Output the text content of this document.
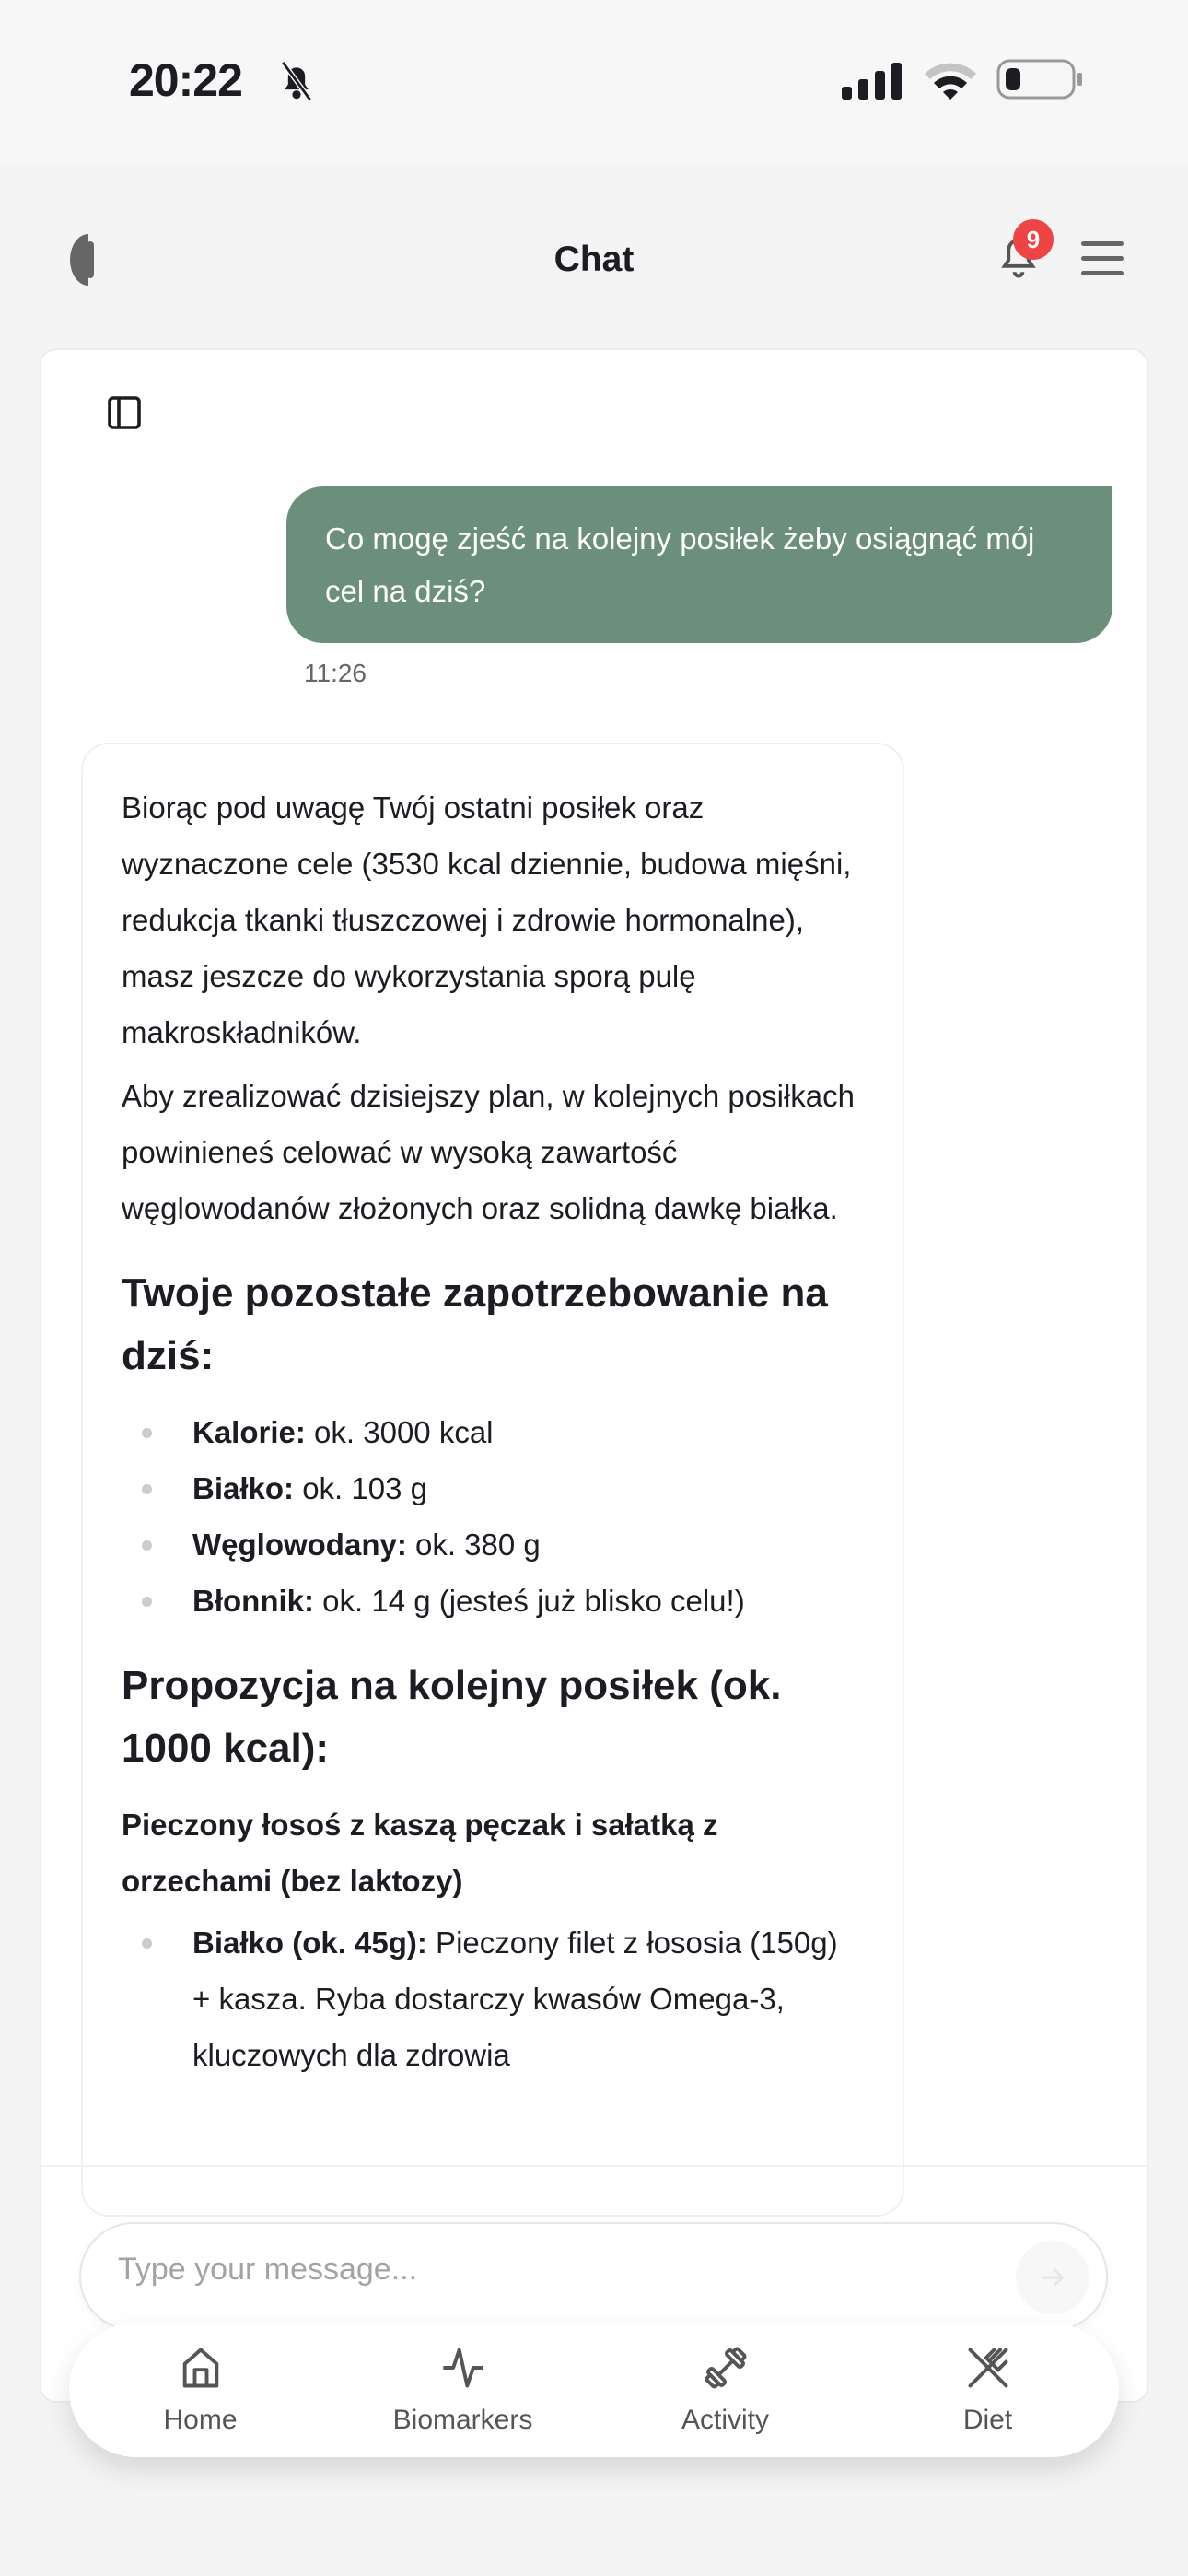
20:22
Chat	9
Co mogę zjeść na kolejny posiłek żeby osiągnąć mój cel na dziś?
11:26

Biorąc pod uwagę Twój ostatni posiłek oraz wyznaczone cele (3530 kcal dziennie, budowa mięśni, redukcja tkanki tłuszczowej i zdrowie hormonalne), masz jeszcze do wykorzystania sporą pulę makroskładników.

Aby zrealizować dzisiejszy plan, w kolejnych posiłkach powinieneś celować w wysoką zawartość węglowodanów złożonych oraz solidną dawkę białka.

Twoje pozostałe zapotrzebowanie na dziś:
Kalorie: ok. 3000 kcal
Białko: ok. 103 g
Węglowodany: ok. 380 g
Błonnik: ok. 14 g (jesteś już blisko celu!)
Propozycja na kolejny posiłek (ok. 1000 kcal):
Pieczony łosoś z kaszą pęczak i sałatką z orzechami (bez laktozy)
Białko (ok. 45g): Pieczony filet z łososia (150g) + kasza. Ryba dostarczy kwasów Omega-3, kluczowych dla zdrowia
Type your message...
Home	Biomarkers	Activity	Diet
